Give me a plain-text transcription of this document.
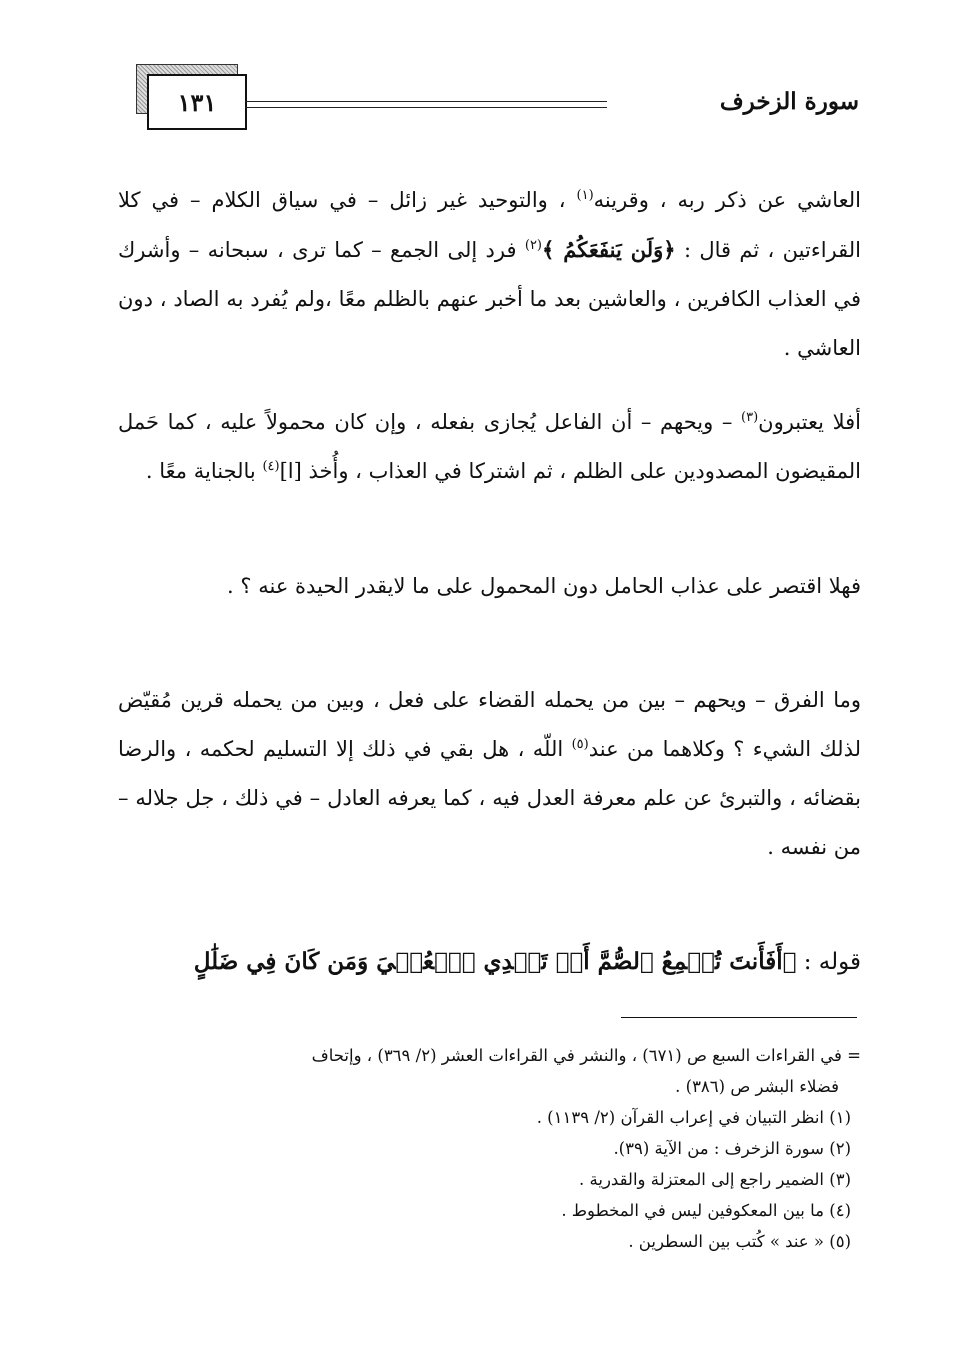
١٣١	سورة الزخرف
العاشي عن ذكر ربه ، وقرينه$^{(١)}$ ، والتوحيد غير زائل – في سياق الكلام – في كلا القراءتين ، ثم قال : ﴿وَلَن يَنفَعَكُمُ ﴾$^{(٢)}$ فرد إلى الجمع – كما ترى ، سبحانه – وأشرك في العذاب الكافرين ، والعاشين بعد ما أخبر عنهم بالظلم معًا ،ولم يُفرد به الصاد ، دون العاشي .
أفلا يعتبرون$^{(٣)}$ – ويحهم – أن الفاعل يُجازى بفعله ، وإن كان محمولاً عليه ، كما حَمل المقيضون المصدودين على الظلم ، ثم اشتركا في العذاب ، وأُخذ [ا]$^{(٤)}$ بالجناية معًا .
فهلا اقتصر على عذاب الحامل دون المحمول على ما لايقدر الحيدة عنه ؟ .
وما الفرق – ويحهم – بين من يحمله القضاء على فعل ، وبين من يحمله قرين مُقيّض لذلك الشيء ؟ وكلاهما من عند$^{(٥)}$ اللّه ، هل بقي في ذلك إلا التسليم لحكمه ، والرضا بقضائه ، والتبرئ عن علم معرفة العدل فيه ، كما يعرفه العادل – في ذلك ، جل جلاله – من نفسه .
قوله : ﴿أَفَأَنتَ تُسۡمِعُ ٱلصُّمَّ أَوۡ تَهۡدِي ٱلۡعُمۡيَ وَمَن كَانَ فِي ضَلَٰلٍ

= في القراءات السبع ص (٦٧١) ، والنشر في القراءات العشر (٢/ ٣٦٩) ، وإتحاف

فضلاء البشر ص (٣٨٦) .

(١) انظر التبيان في إعراب القرآن (٢/ ١١٣٩) .

(٢) سورة الزخرف : من الآية (٣٩).

(٣) الضمير راجع إلى المعتزلة والقدرية .

(٤) ما بين المعكوفين ليس في المخطوط .

(٥) « عند » كُتب بين السطرين .
